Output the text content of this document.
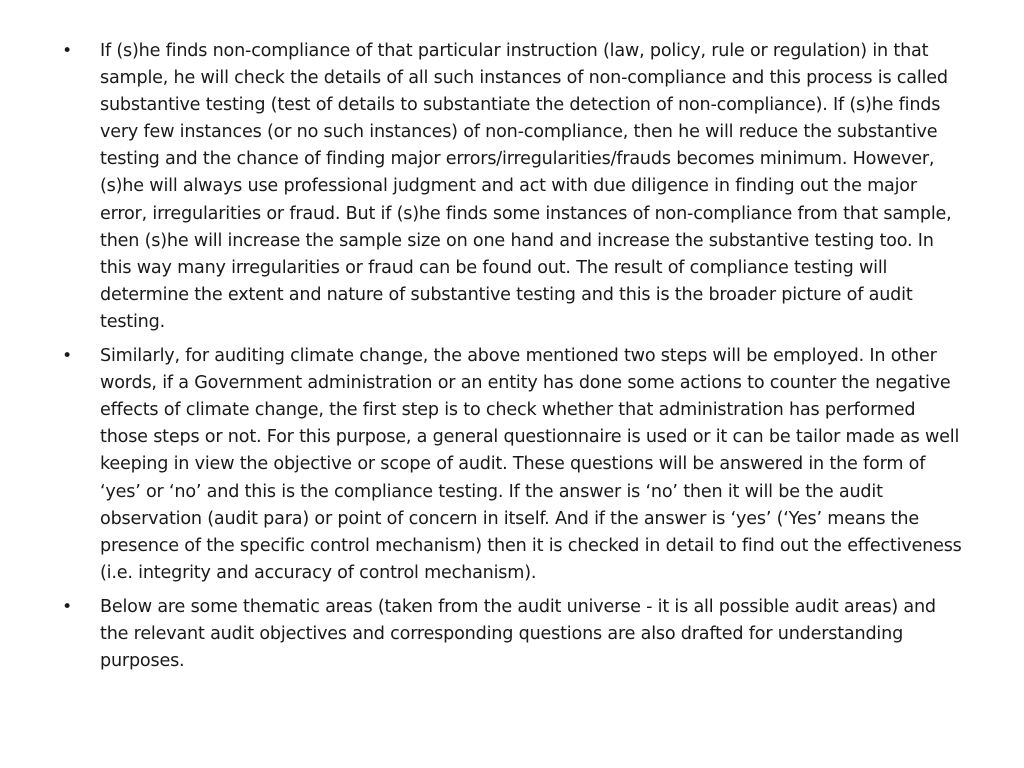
• If (s)he finds non-compliance of that particular instruction (law, policy, rule or regulation) in that sample, he will check the details of all such instances of non-compliance and this process is called substantive testing (test of details to substantiate the detection of non-compliance). If (s)he finds very few instances (or no such instances) of non-compliance, then he will reduce the substantive testing and the chance of finding major errors/irregularities/frauds becomes minimum. However, (s)he will always use professional judgment and act with due diligence in finding out the major error, irregularities or fraud. But if (s)he finds some instances of non-compliance from that sample, then (s)he will increase the sample size on one hand and increase the substantive testing too. In this way many irregularities or fraud can be found out. The result of compliance testing will determine the extent and nature of substantive testing and this is the broader picture of audit testing.
• Similarly, for auditing climate change, the above mentioned two steps will be employed. In other words, if a Government administration or an entity has done some actions to counter the negative effects of climate change, the first step is to check whether that administration has performed those steps or not. For this purpose, a general questionnaire is used or it can be tailor made as well keeping in view the objective or scope of audit. These questions will be answered in the form of ‘yes’ or ‘no’ and this is the compliance testing. If the answer is ‘no’ then it will be the audit observation (audit para) or point of concern in itself. And if the answer is ‘yes’ (‘Yes’ means the presence of the specific control mechanism) then it is checked in detail to find out the effectiveness (i.e. integrity and accuracy of control mechanism).
• Below are some thematic areas (taken from the audit universe - it is all possible audit areas) and the relevant audit objectives and corresponding questions are also drafted for understanding purposes.
